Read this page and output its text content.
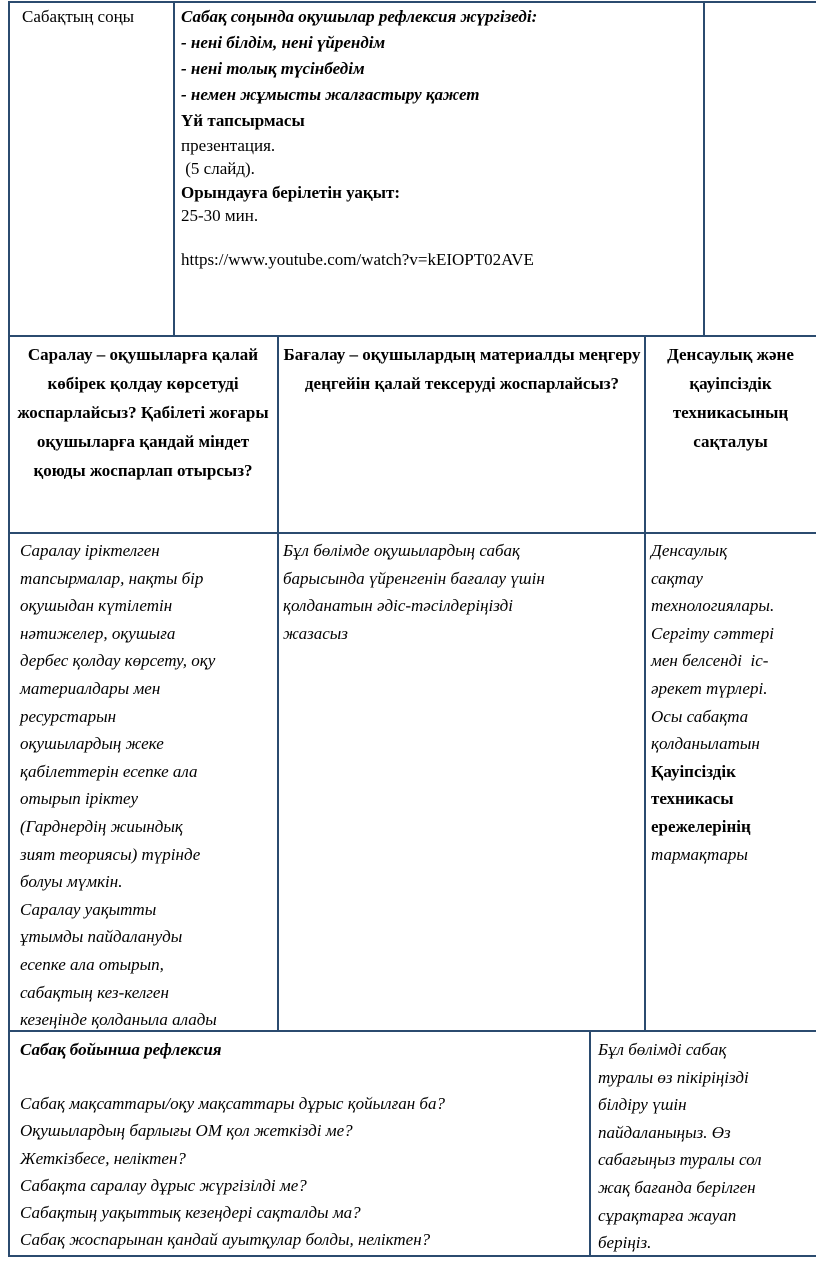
Сабақтың соңы	Сабақ соңында оқушылар рефлексия жүргізеді:
- нені білдім, нені үйрендім
- нені толық түсінбедім
- немен жұмысты жалғастыру қажет
Үй тапсырмасы
презентация.
(5 слайд).
Орындауға берілетін уақыт:
25-30 мин.
https://www.youtube.com/watch?v=kEIOPT02AVE
Саралау – оқушыларға қалай көбірек қолдау көрсетуді жоспарлайсыз? Қабілеті жоғары оқушыларға қандай міндет қоюды жоспарлап отырсыз?
Бағалау – оқушылардың материалды меңгеру деңгейін қалай тексеруді жоспарлайсыз?
Денсаулық және қауіпсіздік техникасының сақталуы
Саралау іріктелген
тапсырмалар, нақты бір
оқушыдан күтілетін
нәтижелер, оқушыға
дербес қолдау көрсету, оқу
материалдары мен
ресурстарын
оқушылардың жеке
қабілеттерін есепке ала
отырып іріктеу
(Гарднердің жиындық
зият теориясы) түрінде
болуы мүмкін.
Саралау уақытты
ұтымды пайдалануды
есепке ала отырып,
сабақтың кез-келген
кезеңінде қолданыла алады
Бұл бөлімде оқушылардың сабақ
барысында үйренгенін бағалау үшін
қолданатын әдіс-тәсілдеріңізді
жазасыз
Денсаулық
сақтау
технологиялары.
Сергіту сәттері
мен белсенді  іс-
әрекет түрлері.
Осы сабақта
қолданылатын
Қауіпсіздік
техникасы
ережелерінің
тармақтары
Сабақ бойынша рефлексия
Сабақ мақсаттары/оқу мақсаттары дұрыс қойылған ба?
Оқушылардың барлығы ОМ қол жеткізді ме?
Жеткізбесе, неліктен?
Сабақта саралау дұрыс жүргізілді ме?
Сабақтың уақыттық кезеңдері сақталды ма?
Сабақ жоспарынан қандай ауытқулар болды, неліктен?
Бұл бөлімді сабақ
туралы өз пікіріңізді
білдіру үшін
пайдаланыңыз. Өз
сабағыңыз туралы сол
жақ бағанда берілген
сұрақтарға жауап
беріңіз.
